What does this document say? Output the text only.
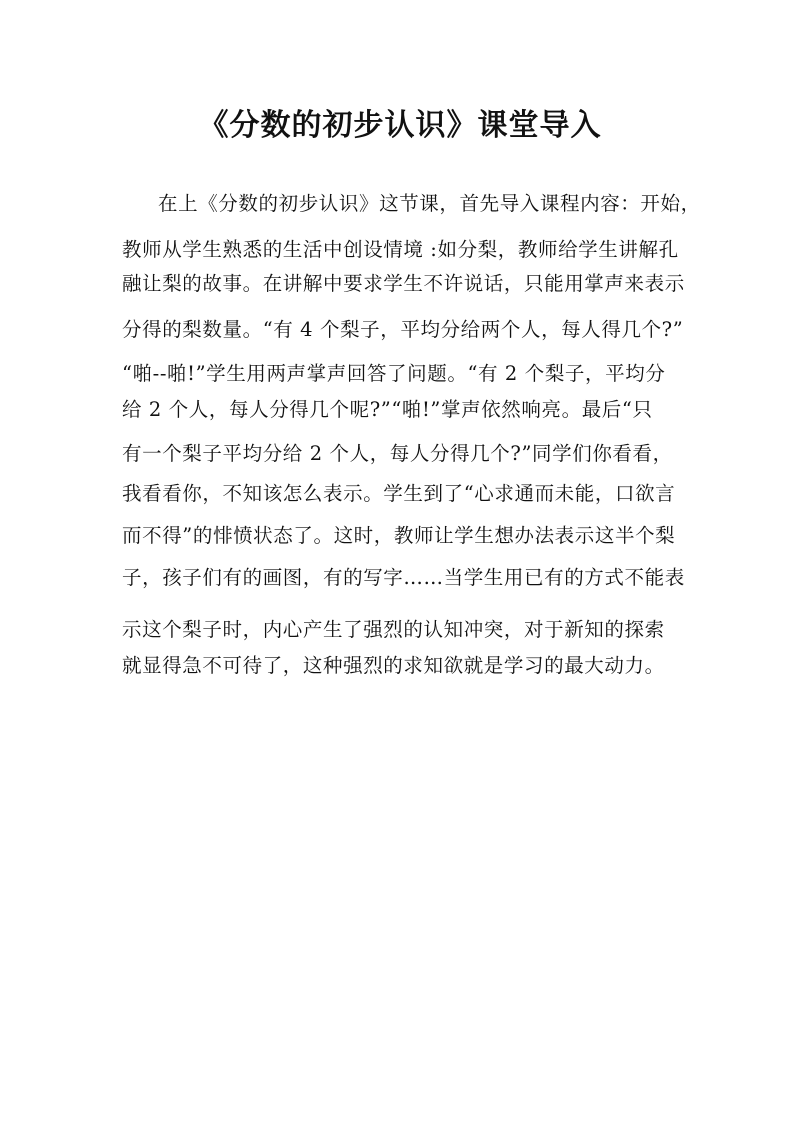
《分数的初步认识》课堂导入

在上《分数的初步认识》这节课，首先导入课程内容：开始，

教师从学生熟悉的生活中创设情境 :如分梨，教师给学生讲解孔

融让梨的故事。在讲解中要求学生不许说话，只能用掌声来表示

分得的梨数量。“有 4 个梨子，平均分给两个人，每人得几个?”

“啪--啪!”学生用两声掌声回答了问题。“有 2 个梨子，平均分

给 2 个人，每人分得几个呢?”“啪!”掌声依然响亮。最后“只

有一个梨子平均分给 2 个人，每人分得几个?”同学们你看看，

我看看你，不知该怎么表示。学生到了“心求通而未能，口欲言

而不得”的悱愤状态了。这时，教师让学生想办法表示这半个梨

子，孩子们有的画图，有的写字……当学生用已有的方式不能表

示这个梨子时，内心产生了强烈的认知冲突，对于新知的探索

就显得急不可待了，这种强烈的求知欲就是学习的最大动力。
